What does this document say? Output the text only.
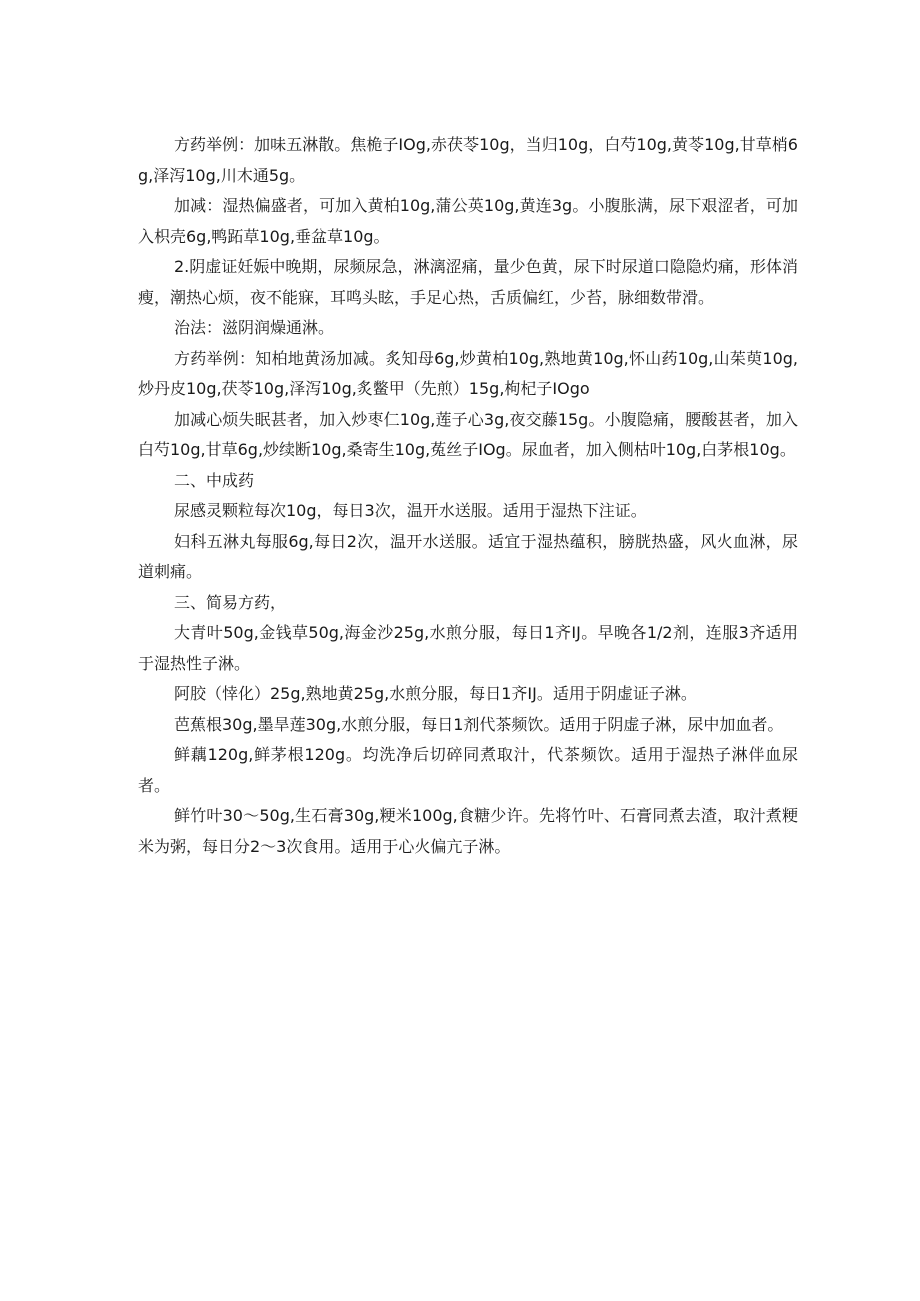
方药举例：加味五淋散。焦桅子IOg,赤茯苓10g，当归10g，白芍10g,黄苓10g,甘草梢6g,泽泻10g,川木通5g。

加减：湿热偏盛者，可加入黄柏10g,蒲公英10g,黄连3g。小腹胀满，尿下艰涩者，可加入枳壳6g,鸭跖草10g,垂盆草10g。

2.阴虚证妊娠中晚期，尿频尿急，淋漓涩痛，量少色黄，尿下时尿道口隐隐灼痛，形体消瘦，潮热心烦，夜不能寐，耳鸣头眩，手足心热，舌质偏红，少苔，脉细数带滑。

治法：滋阴润燥通淋。

方药举例：知柏地黄汤加减。炙知母6g,炒黄柏10g,熟地黄10g,怀山药10g,山茱萸10g,炒丹皮10g,茯苓10g,泽泻10g,炙鳖甲（先煎）15g,枸杞子IOgo

加减心烦失眠甚者，加入炒枣仁10g,莲子心3g,夜交藤15g。小腹隐痛，腰酸甚者，加入白芍10g,甘草6g,炒续断10g,桑寄生10g,菟丝子IOg。尿血者，加入侧枯叶10g,白茅根10g。

二、中成药

尿感灵颗粒每次10g，每日3次，温开水送服。适用于湿热下注证。

妇科五淋丸每服6g,每日2次，温开水送服。适宜于湿热蕴积，膀胱热盛，风火血淋，尿道刺痛。

三、简易方药，

大青叶50g,金钱草50g,海金沙25g,水煎分服，每日1齐IJ。早晚各1/2剂，连服3齐适用于湿热性子淋。

阿胶（悻化）25g,熟地黄25g,水煎分服，每日1齐IJ。适用于阴虚证子淋。

芭蕉根30g,墨旱莲30g,水煎分服，每日1剂代茶频饮。适用于阴虚子淋，尿中加血者。

鲜藕120g,鲜茅根120g。均洗净后切碎同煮取汁，代茶频饮。适用于湿热子淋伴血尿者。

鲜竹叶30～50g,生石膏30g,粳米100g,食糖少许。先将竹叶、石膏同煮去渣，取汁煮粳米为粥，每日分2～3次食用。适用于心火偏亢子淋。
